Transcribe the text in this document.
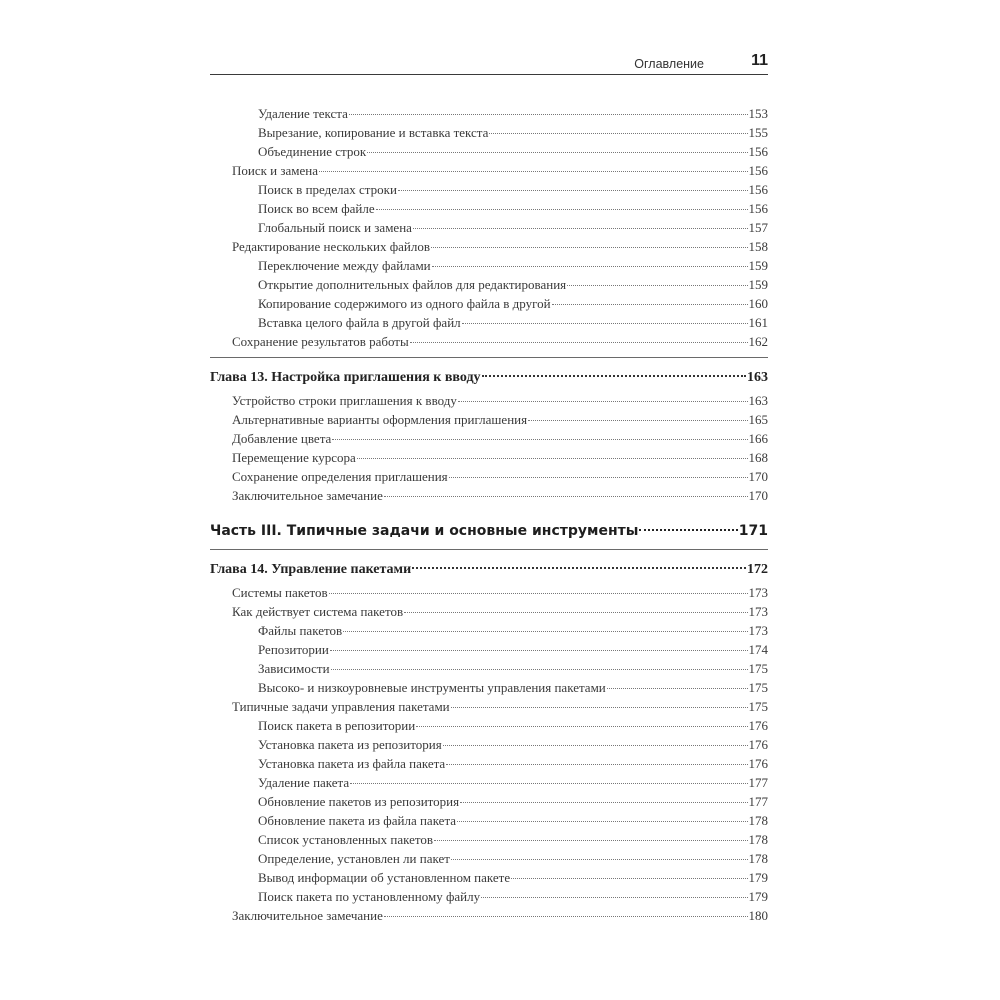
Оглавление	11
Удаление текста	153
Вырезание, копирование и вставка текста	155
Объединение строк	156
Поиск и замена	156
Поиск в пределах строки	156
Поиск во всем файле	156
Глобальный поиск и замена	157
Редактирование нескольких файлов	158
Переключение между файлами	159
Открытие дополнительных файлов для редактирования	159
Копирование содержимого из одного файла в другой	160
Вставка целого файла в другой файл	161
Сохранение результатов работы	162
Глава 13. Настройка приглашения к вводу	163
Устройство строки приглашения к вводу	163
Альтернативные варианты оформления приглашения	165
Добавление цвета	166
Перемещение курсора	168
Сохранение определения приглашения	170
Заключительное замечание	170
Часть III. Типичные задачи и основные инструменты	171
Глава 14. Управление пакетами	172
Системы пакетов	173
Как действует система пакетов	173
Файлы пакетов	173
Репозитории	174
Зависимости	175
Высоко- и низкоуровневые инструменты управления пакетами	175
Типичные задачи управления пакетами	175
Поиск пакета в репозитории	176
Установка пакета из репозитория	176
Установка пакета из файла пакета	176
Удаление пакета	177
Обновление пакетов из репозитория	177
Обновление пакета из файла пакета	178
Список установленных пакетов	178
Определение, установлен ли пакет	178
Вывод информации об установленном пакете	179
Поиск пакета по установленному файлу	179
Заключительное замечание	180
